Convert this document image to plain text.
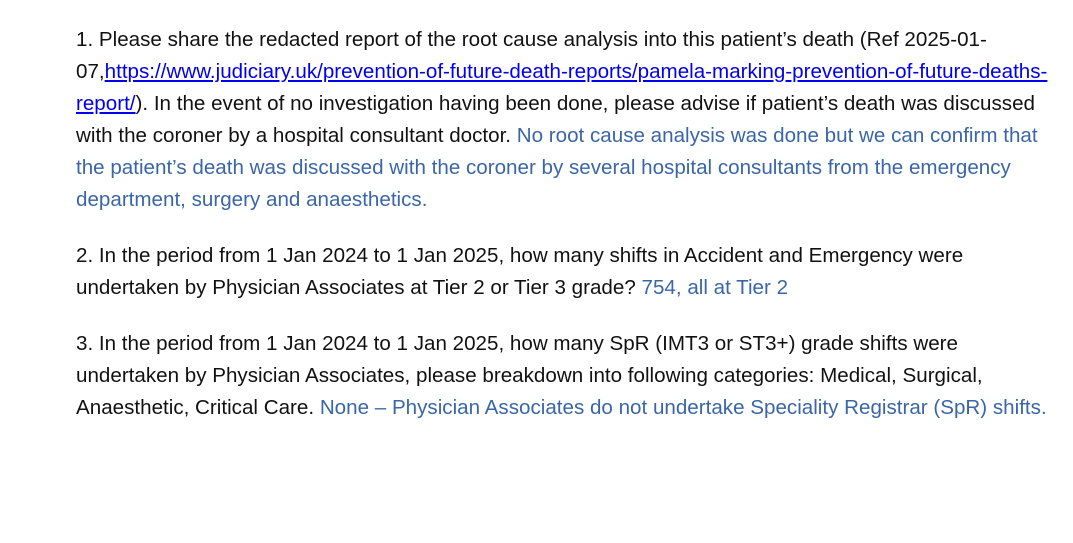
1. Please share the redacted report of the root cause analysis into this patient’s death (Ref 2025-01-07,https://www.judiciary.uk/prevention-of-future-death-reports/pamela-marking-prevention-of-future-deaths-report/). In the event of no investigation having been done, please advise if patient’s death was discussed with the coroner by a hospital consultant doctor. No root cause analysis was done but we can confirm that the patient’s death was discussed with the coroner by several hospital consultants from the emergency department, surgery and anaesthetics.

2. In the period from 1 Jan 2024 to 1 Jan 2025, how many shifts in Accident and Emergency were undertaken by Physician Associates at Tier 2 or Tier 3 grade? 754, all at Tier 2

3. In the period from 1 Jan 2024 to 1 Jan 2025, how many SpR (IMT3 or ST3+) grade shifts were undertaken by Physician Associates, please breakdown into following categories: Medical, Surgical, Anaesthetic, Critical Care. None – Physician Associates do not undertake Speciality Registrar (SpR) shifts.
